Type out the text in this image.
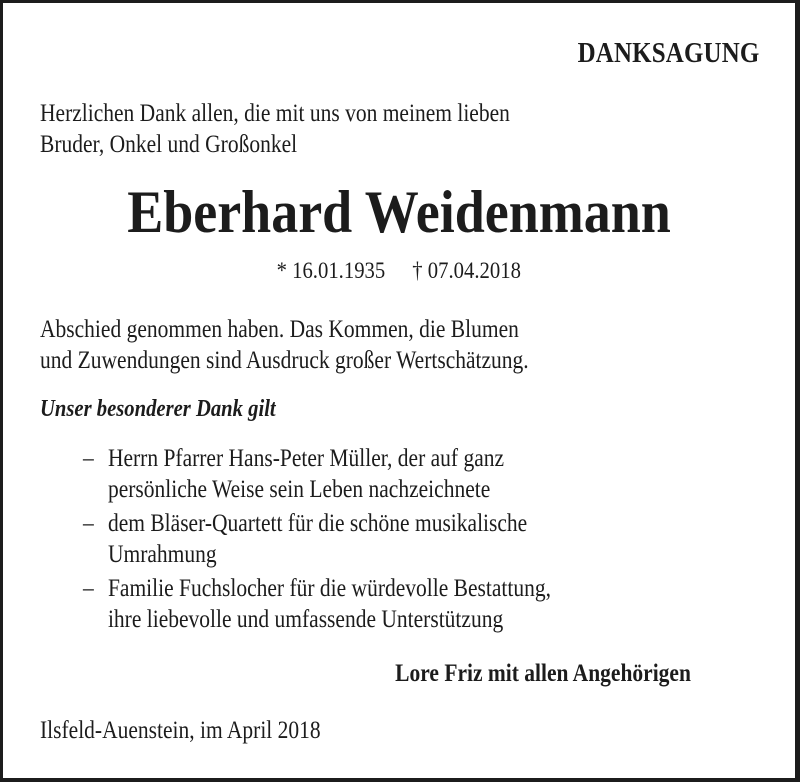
DANKSAGUNG
Herzlichen Dank allen, die mit uns von meinem lieben
Bruder, Onkel und Großonkel
Eberhard Weidenmann
* 16.01.1935 † 07.04.2018
Abschied genommen haben. Das Kommen, die Blumen
und Zuwendungen sind Ausdruck großer Wertschätzung.
Unser besonderer Dank gilt
– Herrn Pfarrer Hans-Peter Müller, der auf ganz
persönliche Weise sein Leben nachzeichnete
– dem Bläser-Quartett für die schöne musikalische
Umrahmung
– Familie Fuchslocher für die würdevolle Bestattung,
ihre liebevolle und umfassende Unterstützung
Lore Friz mit allen Angehörigen
Ilsfeld-Auenstein, im April 2018
